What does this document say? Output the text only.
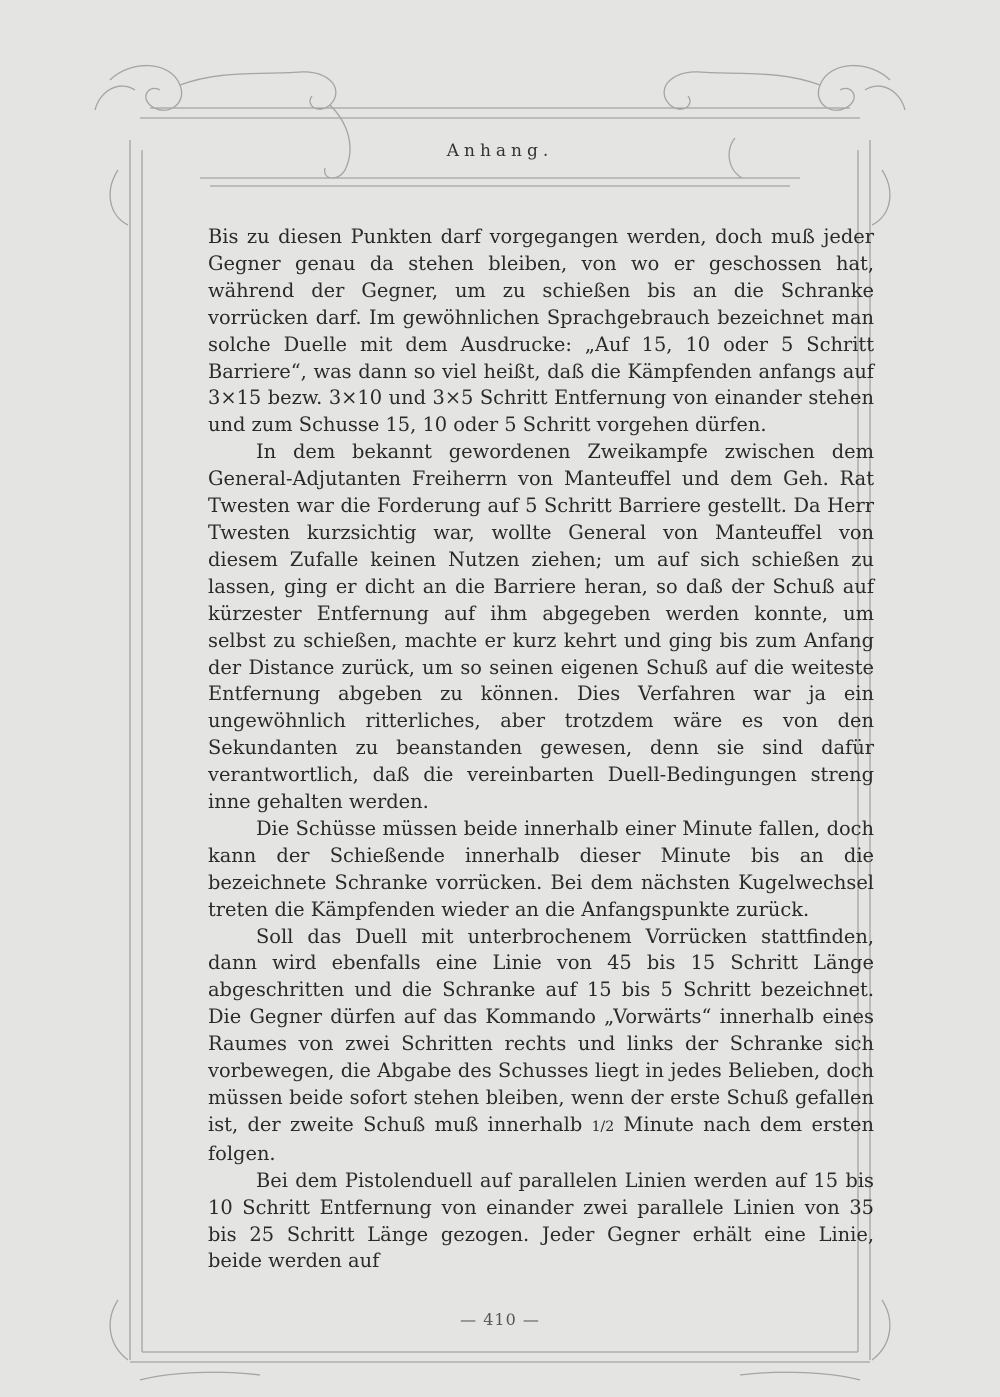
Anhang.

Bis zu diesen Punkten darf vorgegangen werden, doch muß jeder Gegner genau da stehen bleiben, von wo er geschossen hat, während der Gegner, um zu schießen bis an die Schranke vorrücken darf. Im gewöhnlichen Sprachgebrauch bezeichnet man solche Duelle mit dem Ausdrucke: „Auf 15, 10 oder 5 Schritt Barriere“, was dann so viel heißt, daß die Kämpfenden anfangs auf 3×15 bezw. 3×10 und 3×5 Schritt Entfernung von einander stehen und zum Schusse 15, 10 oder 5 Schritt vorgehen dürfen.

In dem bekannt gewordenen Zweikampfe zwischen dem General-Adjutanten Freiherrn von Manteuffel und dem Geh. Rat Twesten war die Forderung auf 5 Schritt Barriere gestellt. Da Herr Twesten kurzsichtig war, wollte General von Manteuffel von diesem Zufalle keinen Nutzen ziehen; um auf sich schießen zu lassen, ging er dicht an die Barriere heran, so daß der Schuß auf kürzester Entfernung auf ihm abgegeben werden konnte, um selbst zu schießen, machte er kurz kehrt und ging bis zum Anfang der Distance zurück, um so seinen eigenen Schuß auf die weiteste Entfernung abgeben zu können. Dies Verfahren war ja ein ungewöhnlich ritterliches, aber trotzdem wäre es von den Sekundanten zu beanstanden gewesen, denn sie sind dafür verantwortlich, daß die vereinbarten Duell-Bedingungen streng inne gehalten werden.

Die Schüsse müssen beide innerhalb einer Minute fallen, doch kann der Schießende innerhalb dieser Minute bis an die bezeichnete Schranke vorrücken. Bei dem nächsten Kugelwechsel treten die Kämpfenden wieder an die Anfangspunkte zurück.

Soll das Duell mit unterbrochenem Vorrücken stattfinden, dann wird ebenfalls eine Linie von 45 bis 15 Schritt Länge abgeschritten und die Schranke auf 15 bis 5 Schritt bezeichnet. Die Gegner dürfen auf das Kommando „Vorwärts“ innerhalb eines Raumes von zwei Schritten rechts und links der Schranke sich vorbewegen, die Abgabe des Schusses liegt in jedes Belieben, doch müssen beide sofort stehen bleiben, wenn der erste Schuß gefallen ist, der zweite Schuß muß innerhalb 1/2 Minute nach dem ersten folgen.

Bei dem Pistolenduell auf parallelen Linien werden auf 15 bis 10 Schritt Entfernung von einander zwei parallele Linien von 35 bis 25 Schritt Länge gezogen. Jeder Gegner erhält eine Linie, beide werden auf

— 410 —
